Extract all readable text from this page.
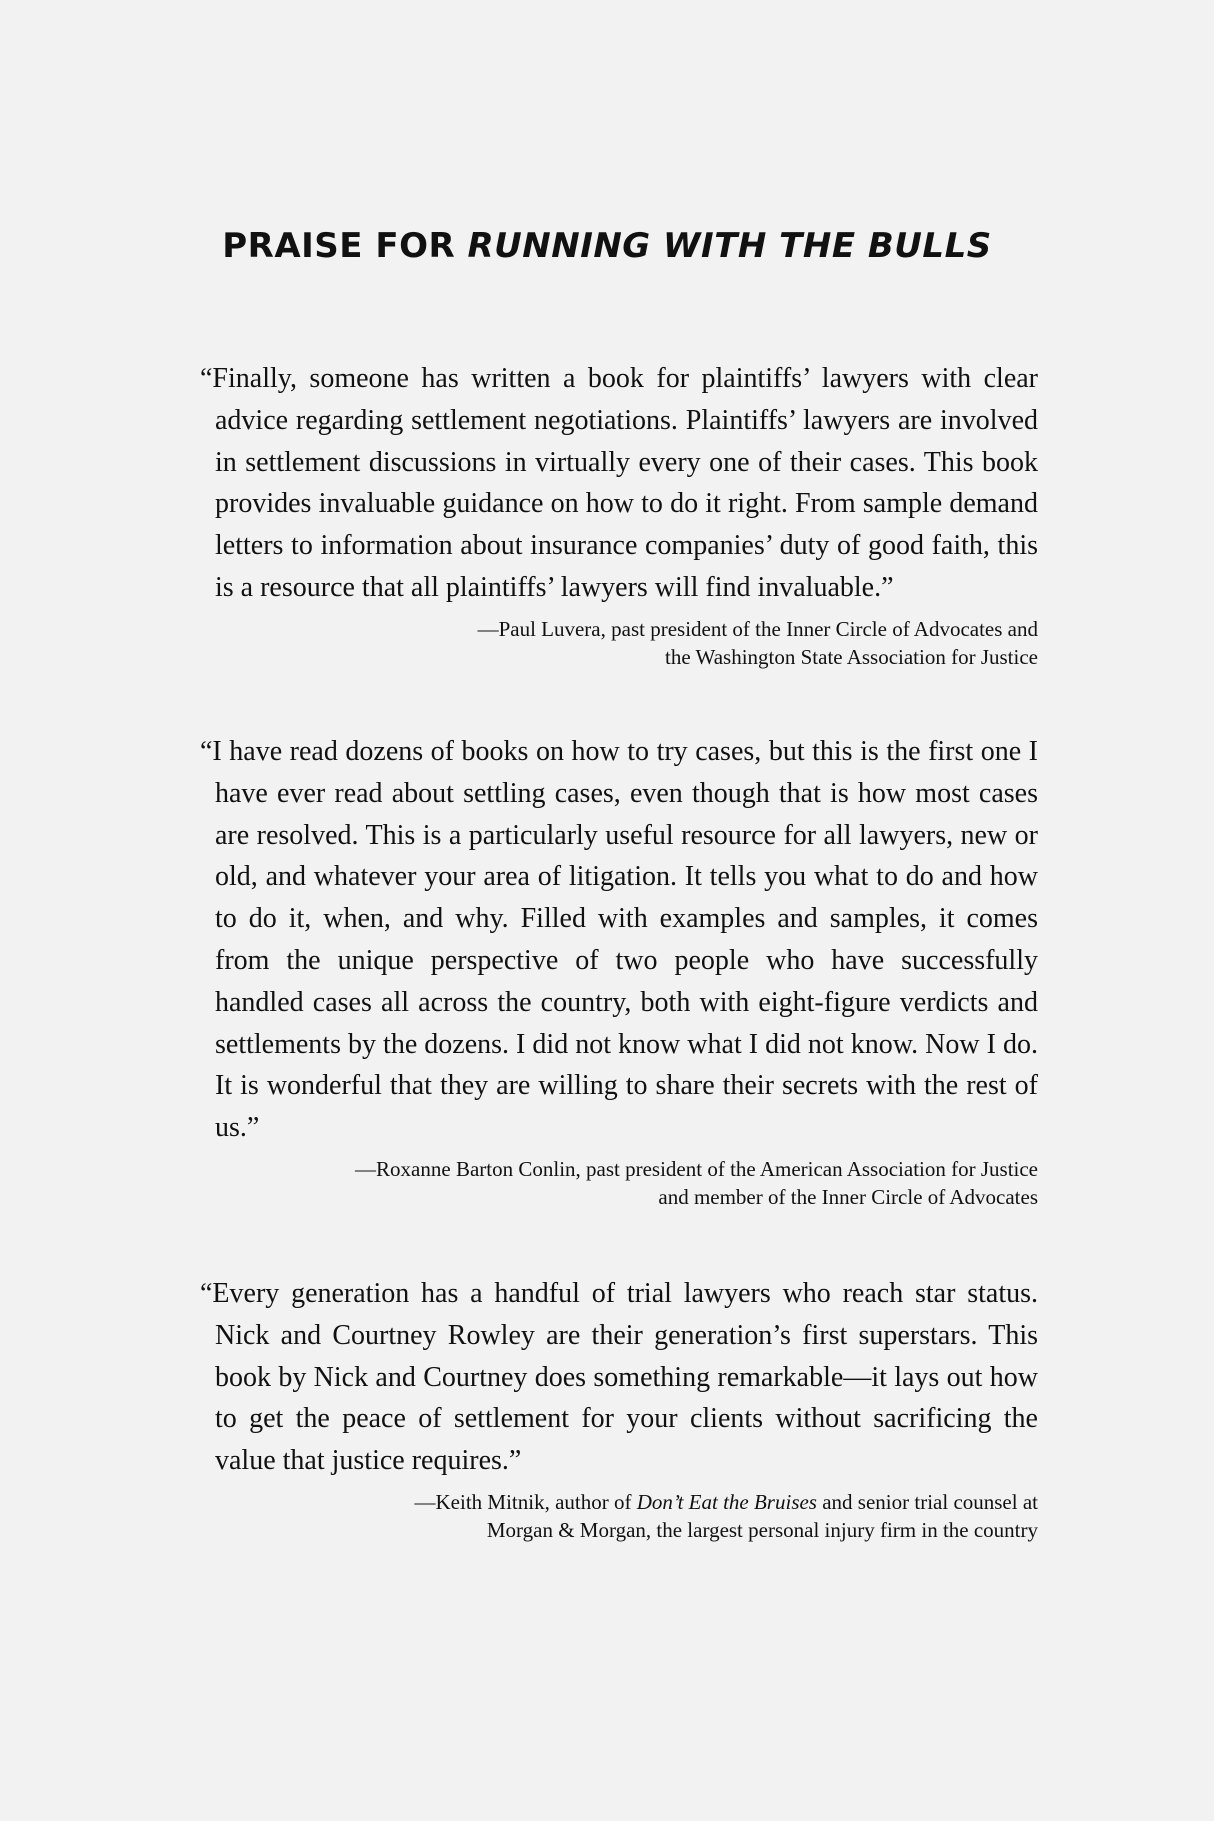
PRAISE FOR RUNNING WITH THE BULLS

“Finally, someone has written a book for plaintiffs’ lawyers with clear advice regarding settlement negotiations. Plaintiffs’ lawyers are involved in settlement discussions in virtually every one of their cases. This book provides invaluable guidance on how to do it right. From sample demand letters to information about insurance companies’ duty of good faith, this is a resource that all plaintiffs’ lawyers will find invaluable.”

—Paul Luvera, past president of the Inner Circle of Advocates and
the Washington State Association for Justice

“I have read dozens of books on how to try cases, but this is the first one I have ever read about settling cases, even though that is how most cases are resolved. This is a particularly useful resource for all lawyers, new or old, and whatever your area of litigation. It tells you what to do and how to do it, when, and why. Filled with examples and samples, it comes from the unique perspective of two people who have successfully handled cases all across the country, both with eight-figure verdicts and settlements by the dozens. I did not know what I did not know. Now I do. It is wonderful that they are willing to share their secrets with the rest of us.”

—Roxanne Barton Conlin, past president of the American Association for Justice
and member of the Inner Circle of Advocates

“Every generation has a handful of trial lawyers who reach star status. Nick and Courtney Rowley are their generation’s first superstars. This book by Nick and Courtney does something remarkable—it lays out how to get the peace of settlement for your clients without sacrificing the value that justice requires.”

—Keith Mitnik, author of Don’t Eat the Bruises and senior trial counsel at
Morgan & Morgan, the largest personal injury firm in the country
